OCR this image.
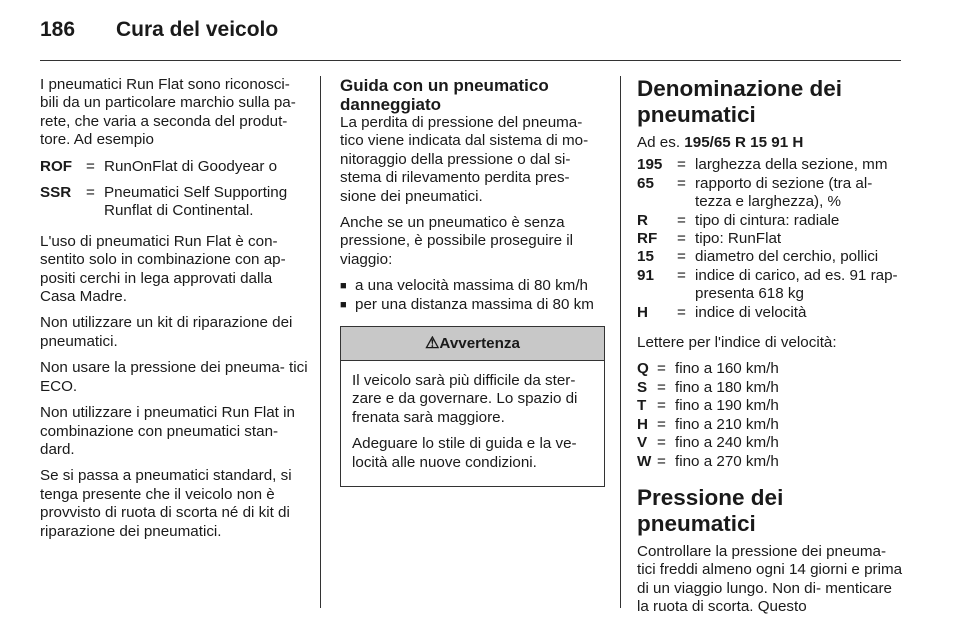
186	Cura del veicolo

I pneumatici Run Flat sono riconosci- bili da un particolare marchio sulla pa- rete, che varia a seconda del produt- tore. Ad esempio

ROF = RunOnFlat di Goodyear o
SSR = Pneumatici Self Supporting Runflat di Continental.

L'uso di pneumatici Run Flat è con- sentito solo in combinazione con ap- positi cerchi in lega approvati dalla Casa Madre.

Non utilizzare un kit di riparazione dei pneumatici.

Non usare la pressione dei pneuma- tici ECO.

Non utilizzare i pneumatici Run Flat in combinazione con pneumatici stan- dard.

Se si passa a pneumatici standard, si tenga presente che il veicolo non è provvisto di ruota di scorta né di kit di riparazione dei pneumatici.

Guida con un pneumatico danneggiato

La perdita di pressione del pneuma- tico viene indicata dal sistema di mo- nitoraggio della pressione o dal si- stema di rilevamento perdita pres- sione dei pneumatici.

Anche se un pneumatico è senza pressione, è possibile proseguire il viaggio:

■ a una velocità massima di 80 km/h
■ per una distanza massima di 80 km
⚠Avvertenza

Il veicolo sarà più difficile da ster- zare e da governare. Lo spazio di frenata sarà maggiore.

Adeguare lo stile di guida e la ve- locità alle nuove condizioni.

Denominazione dei pneumatici

Ad es. 195/65 R 15 91 H

195 = larghezza della sezione, mm
65	= rapporto di sezione (tra al- tezza e larghezza), %
R	= tipo di cintura: radiale
RF	= tipo: RunFlat
15	= diametro del cerchio, pollici
91	= indice di carico, ad es. 91 rap- presenta 618 kg
H	= indice di velocità

Lettere per l'indice di velocità:

Q = fino a 160 km/h
S = fino a 180 km/h
T = fino a 190 km/h
H = fino a 210 km/h
V = fino a 240 km/h
W = fino a 270 km/h
Pressione dei pneumatici

Controllare la pressione dei pneuma- tici freddi almeno ogni 14 giorni e prima di un viaggio lungo. Non di- menticare la ruota di scorta. Questo
